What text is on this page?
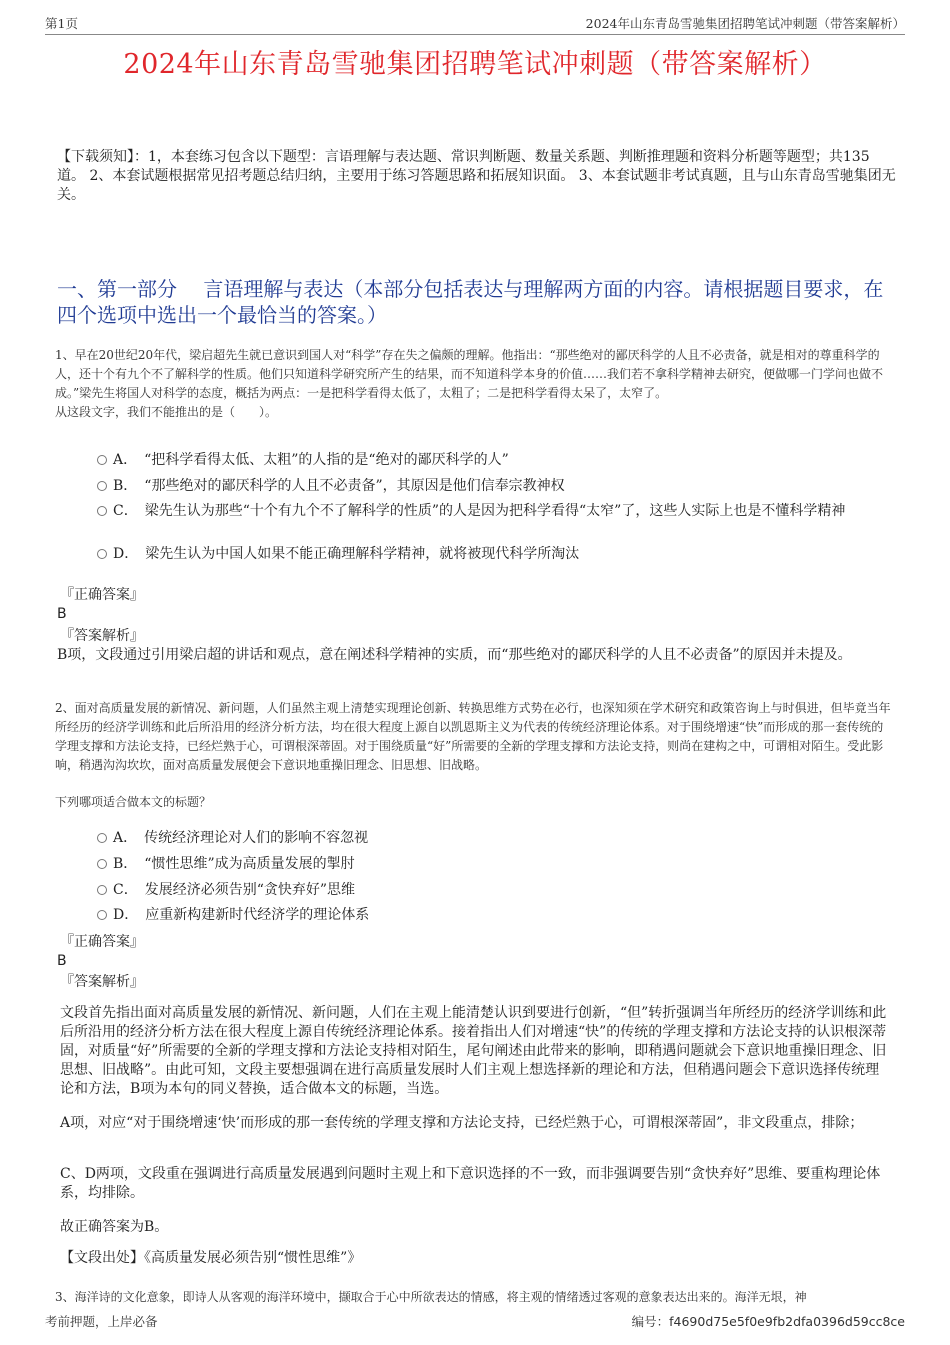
第1页	2024年山东青岛雪驰集团招聘笔试冲刺题（带答案解析）
2024年山东青岛雪驰集团招聘笔试冲刺题（带答案解析）
【下载须知】：1，本套练习包含以下题型：言语理解与表达题、常识判断题、数量关系题、判断推理题和资料分析题等题型；共135道。 2、本套试题根据常见招考题总结归纳，主要用于练习答题思路和拓展知识面。 3、本套试题非考试真题，且与山东青岛雪驰集团无关。
一、第一部分　 言语理解与表达（本部分包括表达与理解两方面的内容。请根据题目要求，在四个选项中选出一个最恰当的答案。）
1、早在20世纪20年代，梁启超先生就已意识到国人对“科学”存在失之偏颇的理解。他指出：“那些绝对的鄙厌科学的人且不必责备，就是相对的尊重科学的人，还十个有九个不了解科学的性质。他们只知道科学研究所产生的结果，而不知道科学本身的价值……我们若不拿科学精神去研究，便做哪一门学问也做不成。”梁先生将国人对科学的态度，概括为两点：一是把科学看得太低了，太粗了；二是把科学看得太呆了，太窄了。
从这段文字，我们不能推出的是（　　）。
A．　“把科学看得太低、太粗”的人指的是“绝对的鄙厌科学的人”
B．　“那些绝对的鄙厌科学的人且不必责备”，其原因是他们信奉宗教神权
C．　梁先生认为那些“十个有九个不了解科学的性质”的人是因为把科学看得“太窄”了，这些人实际上也是不懂科学精神
D．　梁先生认为中国人如果不能正确理解科学精神，就将被现代科学所淘汰
『正确答案』
B
『答案解析』
B项，文段通过引用梁启超的讲话和观点，意在阐述科学精神的实质，而“那些绝对的鄙厌科学的人且不必责备”的原因并未提及。
2、面对高质量发展的新情况、新问题，人们虽然主观上清楚实现理论创新、转换思维方式势在必行，也深知须在学术研究和政策咨询上与时俱进，但毕竟当年所经历的经济学训练和此后所沿用的经济分析方法，均在很大程度上源自以凯恩斯主义为代表的传统经济理论体系。对于围绕增速“快”而形成的那一套传统的学理支撑和方法论支持，已经烂熟于心，可谓根深蒂固。对于围绕质量“好”所需要的全新的学理支撑和方法论支持，则尚在建构之中，可谓相对陌生。受此影响，稍遇沟沟坎坎，面对高质量发展便会下意识地重操旧理念、旧思想、旧战略。
下列哪项适合做本文的标题？
A．　传统经济理论对人们的影响不容忽视
B．　“惯性思维”成为高质量发展的掣肘
C．　发展经济必须告别“贪快弃好”思维
D．　应重新构建新时代经济学的理论体系
『正确答案』
B
『答案解析』
文段首先指出面对高质量发展的新情况、新问题，人们在主观上能清楚认识到要进行创新，“但”转折强调当年所经历的经济学训练和此后所沿用的经济分析方法在很大程度上源自传统经济理论体系。接着指出人们对增速“快”的传统的学理支撑和方法论支持的认识根深蒂固，对质量“好”所需要的全新的学理支撑和方法论支持相对陌生，尾句阐述由此带来的影响，即稍遇问题就会下意识地重操旧理念、旧思想、旧战略”。由此可知，文段主要想强调在进行高质量发展时人们主观上想选择新的理论和方法，但稍遇问题会下意识选择传统理论和方法，B项为本句的同义替换，适合做本文的标题，当选。
A项，对应“对于围绕增速‘快’而形成的那一套传统的学理支撑和方法论支持，已经烂熟于心，可谓根深蒂固”，非文段重点，排除；
C、D两项，文段重在强调进行高质量发展遇到问题时主观上和下意识选择的不一致，而非强调要告别“贪快弃好”思维、要重构理论体系，均排除。
故正确答案为B。
【文段出处】《高质量发展必须告别“惯性思维”》
3、海洋诗的文化意象，即诗人从客观的海洋环境中，撷取合于心中所欲表达的情感，将主观的情绪透过客观的意象表达出来的。海洋无垠，神
考前押题，上岸必备	编号：f4690d75e5f0e9fb2dfa0396d59cc8ce
